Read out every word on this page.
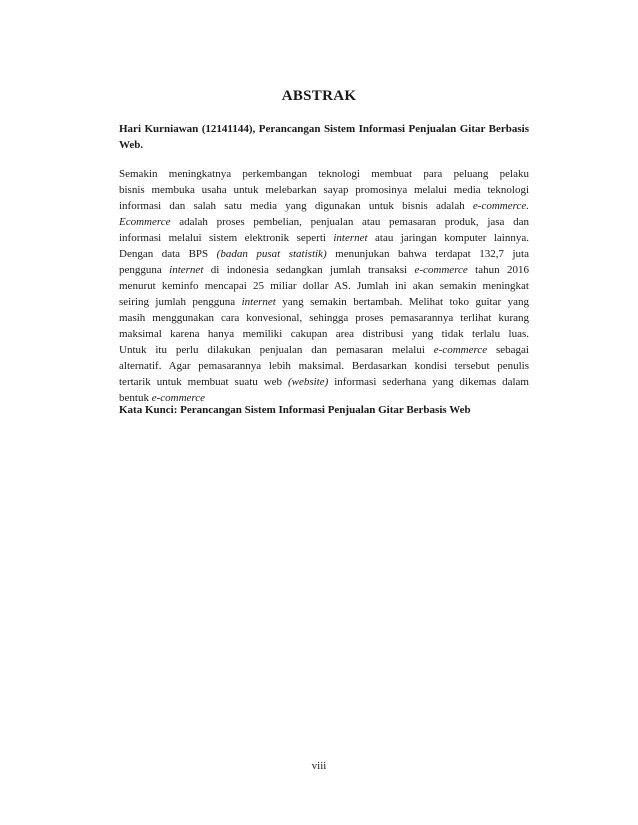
ABSTRAK
Hari Kurniawan (12141144), Perancangan Sistem Informasi Penjualan Gitar Berbasis Web.
Semakin meningkatnya perkembangan teknologi membuat para peluang pelaku
bisnis membuka usaha untuk melebarkan sayap promosinya melalui media teknologi
informasi dan salah satu media yang digunakan untuk bisnis adalah e-commerce.
Ecommerce adalah proses pembelian, penjualan atau pemasaran produk, jasa dan
informasi melalui sistem elektronik seperti internet atau jaringan komputer lainnya.
Dengan data BPS (badan pusat statistik) menunjukan bahwa terdapat 132,7 juta
pengguna internet di indonesia sedangkan jumlah transaksi e-commerce tahun 2016
menurut keminfo mencapai 25 miliar dollar AS. Jumlah ini akan semakin meningkat
seiring jumlah pengguna internet yang semakin bertambah. Melihat toko guitar yang
masih menggunakan cara konvesional, sehingga proses pemasarannya terlihat kurang
maksimal karena hanya memiliki cakupan area distribusi yang tidak terlalu luas.
Untuk itu perlu dilakukan penjualan dan pemasaran melalui e-commerce sebagai
alternatif. Agar pemasarannya lebih maksimal. Berdasarkan kondisi tersebut penulis
tertarik untuk membuat suatu web (website) informasi sederhana yang dikemas dalam
bentuk e-commerce
Kata Kunci: Perancangan Sistem Informasi Penjualan Gitar Berbasis Web
viii
